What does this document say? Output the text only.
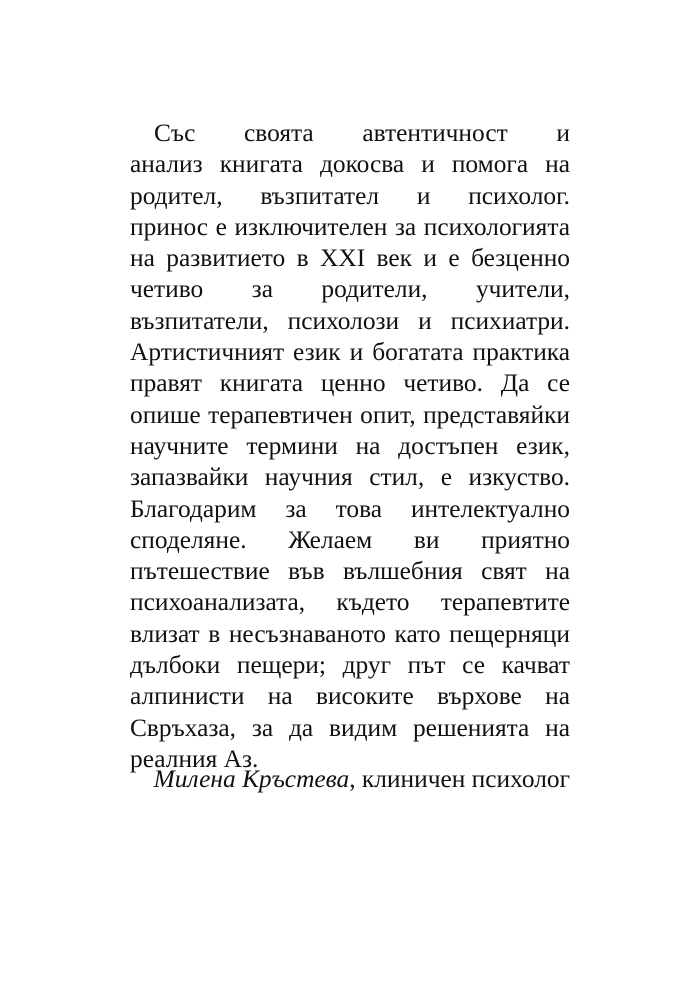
Със своята автентичност и
анализ книгата докосва и помога на
родител, възпитател и психолог.
принос е изключителен за психологията
на развитието в XXI век и е безценно
четиво за родители, учители,
възпитатели, психолози и психиатри.
Артистичният език и богатата практика
правят книгата ценно четиво. Да се
опише терапевтичен опит, представяйки
научните термини на достъпен език,
запазвайки научния стил, е изкуство.
Благодарим за това интелектуално
споделяне. Желаем ви приятно
пътешествие във вълшебния свят на
психоанализата, където терапевтите
влизат в несъзнаваното като пещерняци
дълбоки пещери; друг път се качват
алпинисти на високите върхове на
Свръхаза, за да видим решенията на
реалния Аз.
Милена Кръстева, клиничен психолог
